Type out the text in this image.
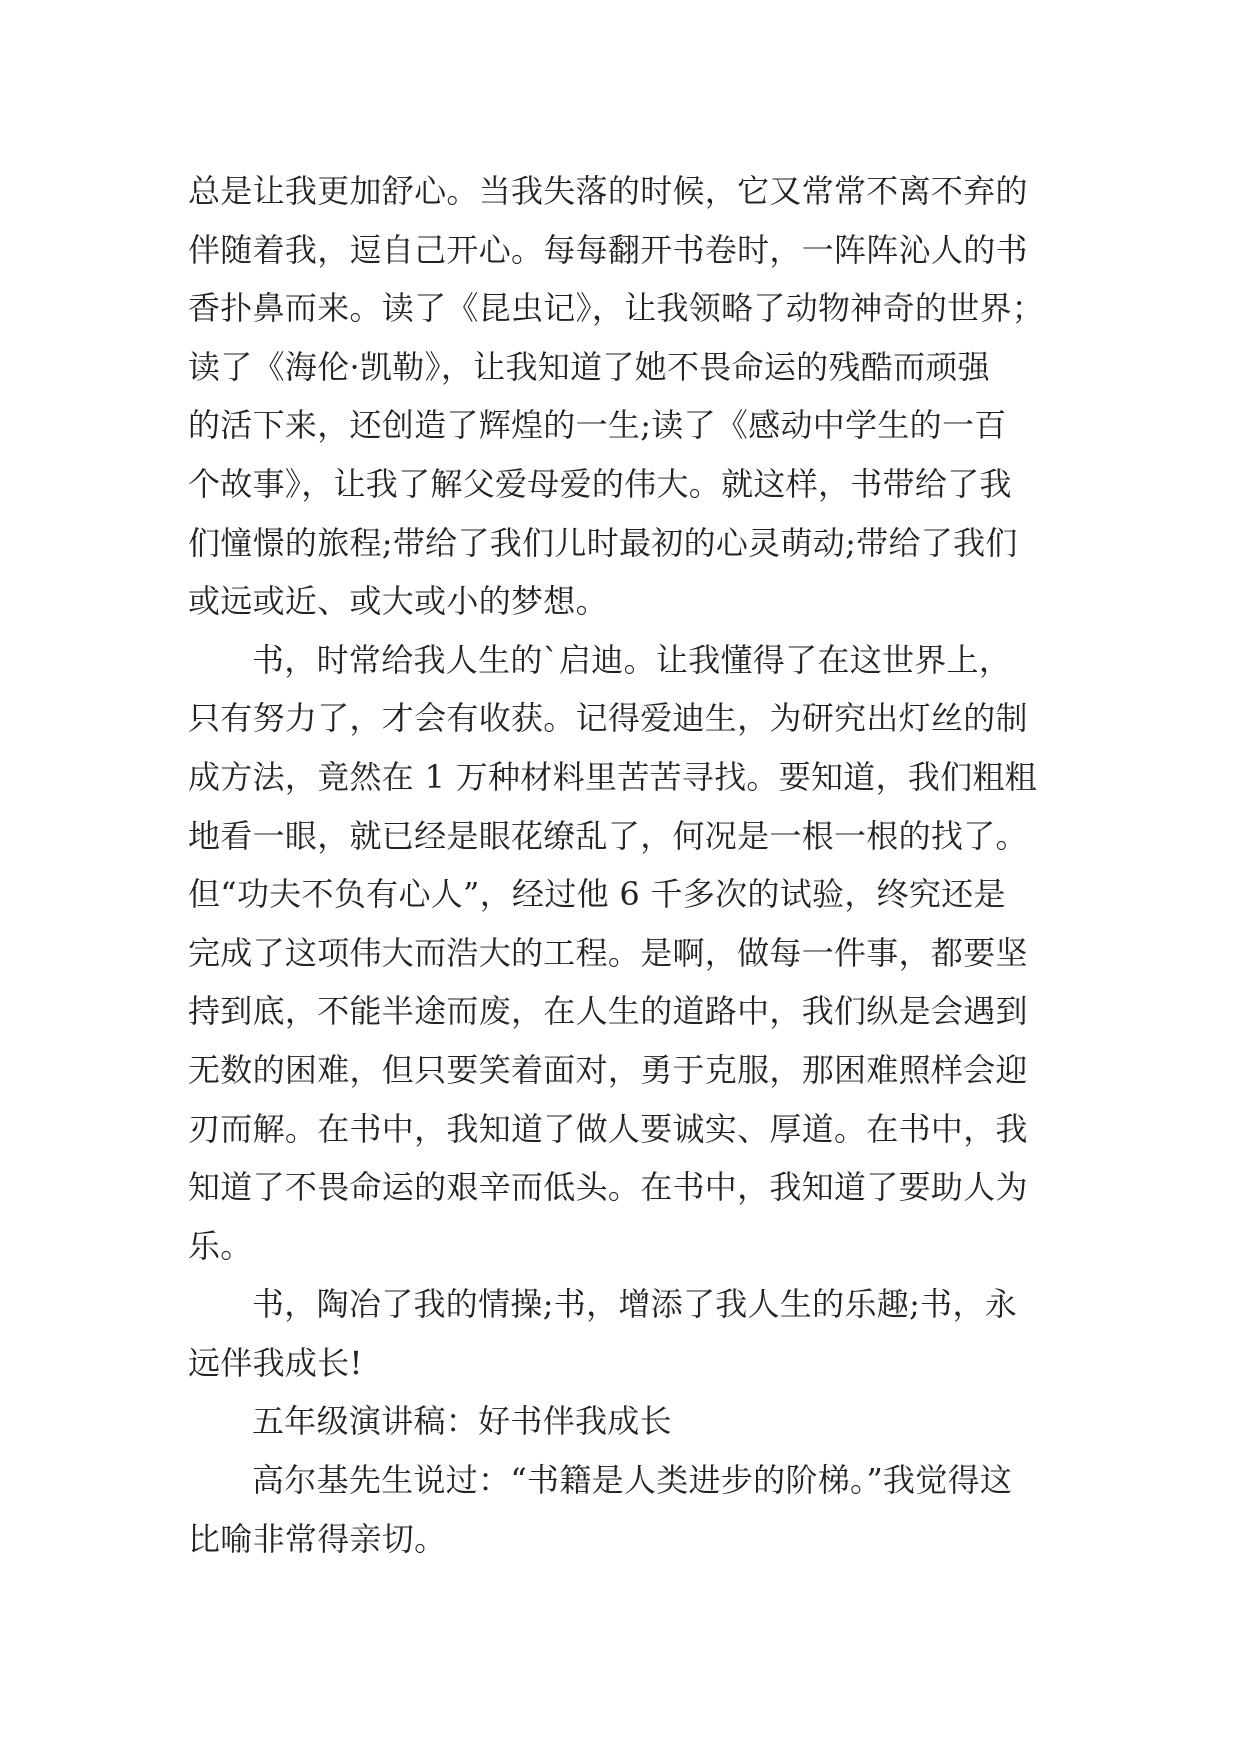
总是让我更加舒心。当我失落的时候，它又常常不离不弃的
伴随着我，逗自己开心。每每翻开书卷时，一阵阵沁人的书
香扑鼻而来。读了《昆虫记》，让我领略了动物神奇的世界；
读了《海伦·凯勒》，让我知道了她不畏命运的残酷而顽强
的活下来，还创造了辉煌的一生;读了《感动中学生的一百
个故事》，让我了解父爱母爱的伟大。就这样，书带给了我
们憧憬的旅程;带给了我们儿时最初的心灵萌动;带给了我们
或远或近、或大或小的梦想。
书，时常给我人生的`启迪。让我懂得了在这世界上，
只有努力了，才会有收获。记得爱迪生，为研究出灯丝的制
成方法，竟然在 1 万种材料里苦苦寻找。要知道，我们粗粗
地看一眼，就已经是眼花缭乱了，何况是一根一根的找了。
但“功夫不负有心人”，经过他 6 千多次的试验，终究还是
完成了这项伟大而浩大的工程。是啊，做每一件事，都要坚
持到底，不能半途而废，在人生的道路中，我们纵是会遇到
无数的困难，但只要笑着面对，勇于克服，那困难照样会迎
刃而解。在书中，我知道了做人要诚实、厚道。在书中，我
知道了不畏命运的艰辛而低头。在书中，我知道了要助人为
乐。
书，陶冶了我的情操;书，增添了我人生的乐趣;书，永
远伴我成长!
五年级演讲稿：好书伴我成长
高尔基先生说过：“书籍是人类进步的阶梯。”我觉得这
比喻非常得亲切。
